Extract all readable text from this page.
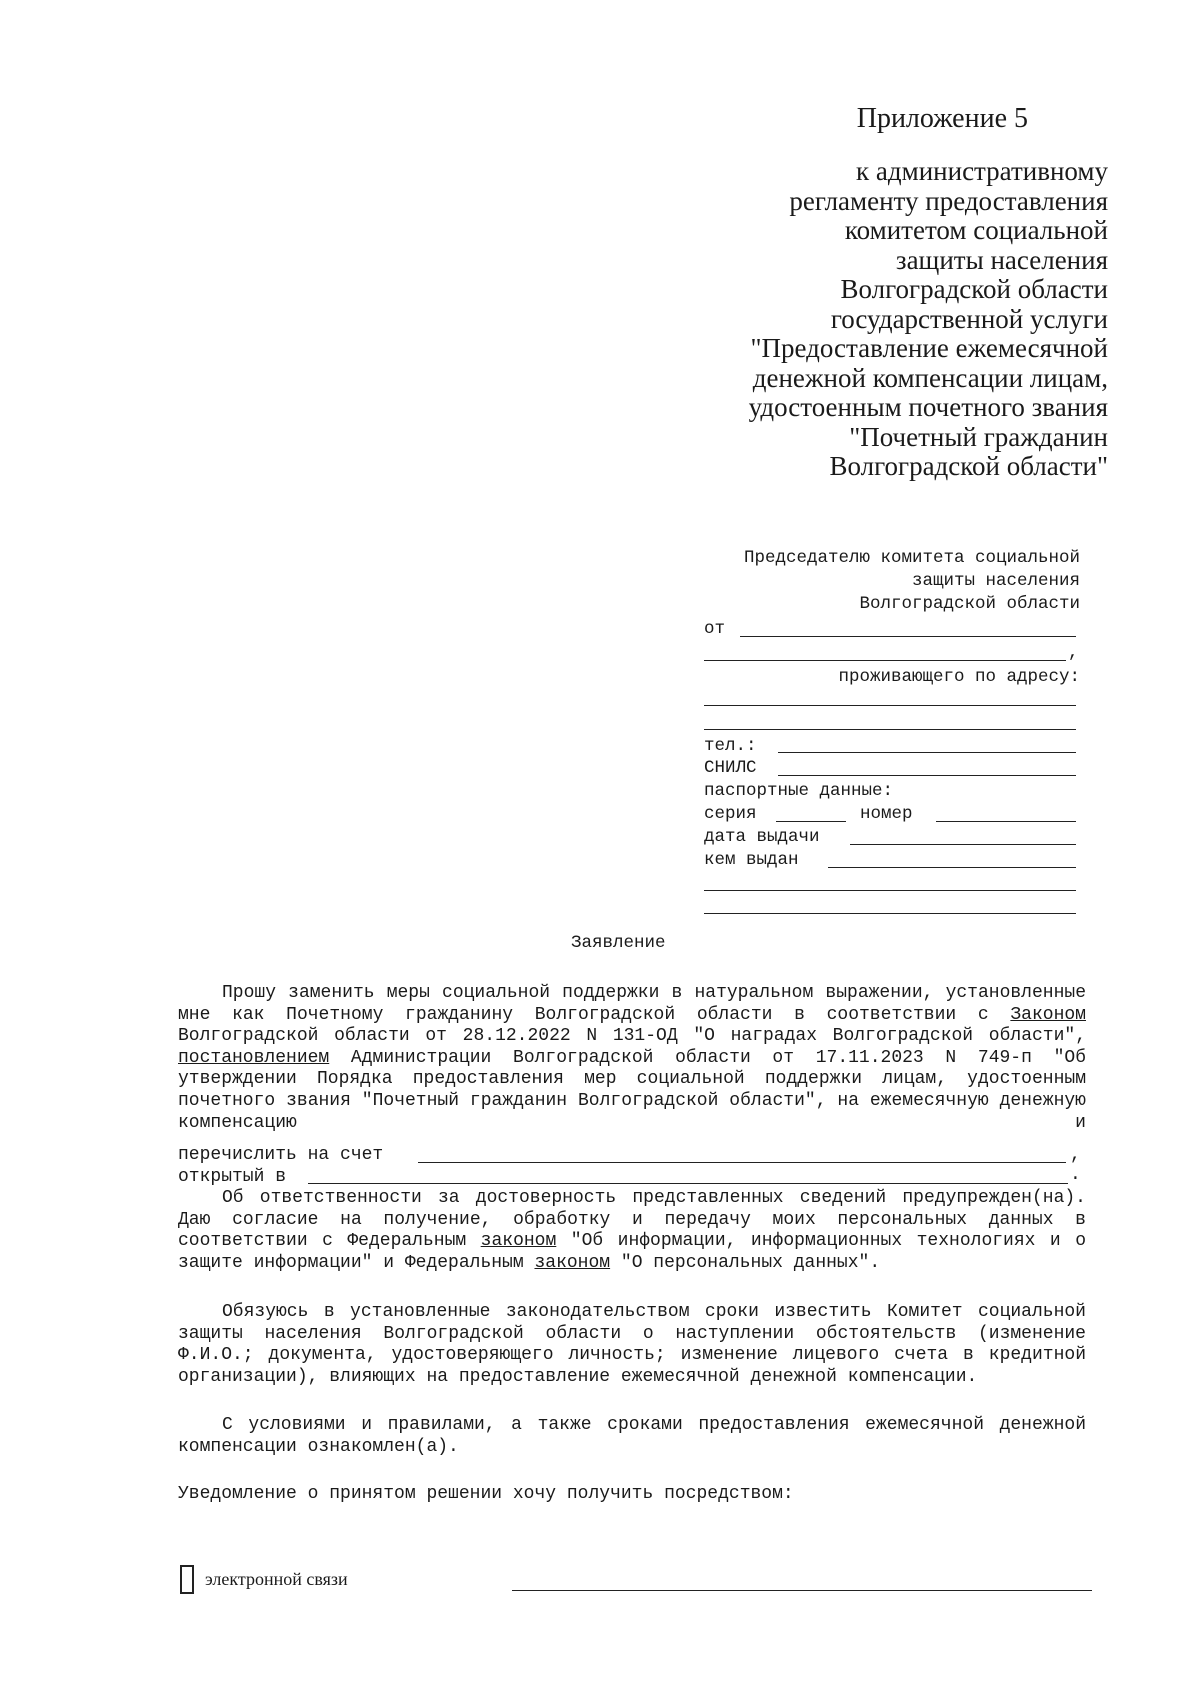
Приложение 5
к административному
регламенту предоставления
комитетом социальной
защиты населения
Волгоградской области
государственной услуги
"Предоставление ежемесячной
денежной компенсации лицам,
удостоенным почетного звания
"Почетный гражданин
Волгоградской области"
Председателю комитета социальной
защиты населения
Волгоградской области
от
,
проживающего по адресу:
тел.:
СНИЛС
паспортные данные:
серия	номер
дата выдачи
кем выдан
Заявление
Прошу заменить меры социальной поддержки в натуральном выражении, установленные мне как Почетному гражданину Волгоградской области в соответствии с Законом Волгоградской области от 28.12.2022 N 131-ОД "О наградах Волгоградской области", постановлением Администрации Волгоградской области от 17.11.2023 N 749-п "Об утверждении Порядка предоставления мер социальной поддержки лицам, удостоенным почетного звания "Почетный гражданин Волгоградской области", на ежемесячную денежную компенсацию и
перечислить на счет	,
открытый в	.
Об ответственности за достоверность представленных сведений предупрежден(на). Даю согласие на получение, обработку и передачу моих персональных данных в соответствии с Федеральным законом "Об информации, информационных технологиях и о защите информации" и Федеральным законом "О персональных данных".
Обязуюсь в установленные законодательством сроки известить Комитет социальной защиты населения Волгоградской области о наступлении обстоятельств (изменение Ф.И.О.; документа, удостоверяющего личность; изменение лицевого счета в кредитной организации), влияющих на предоставление ежемесячной денежной компенсации.
С условиями и правилами, а также сроками предоставления ежемесячной денежной компенсации ознакомлен(а).
Уведомление о принятом решении хочу получить посредством:
электронной связи
